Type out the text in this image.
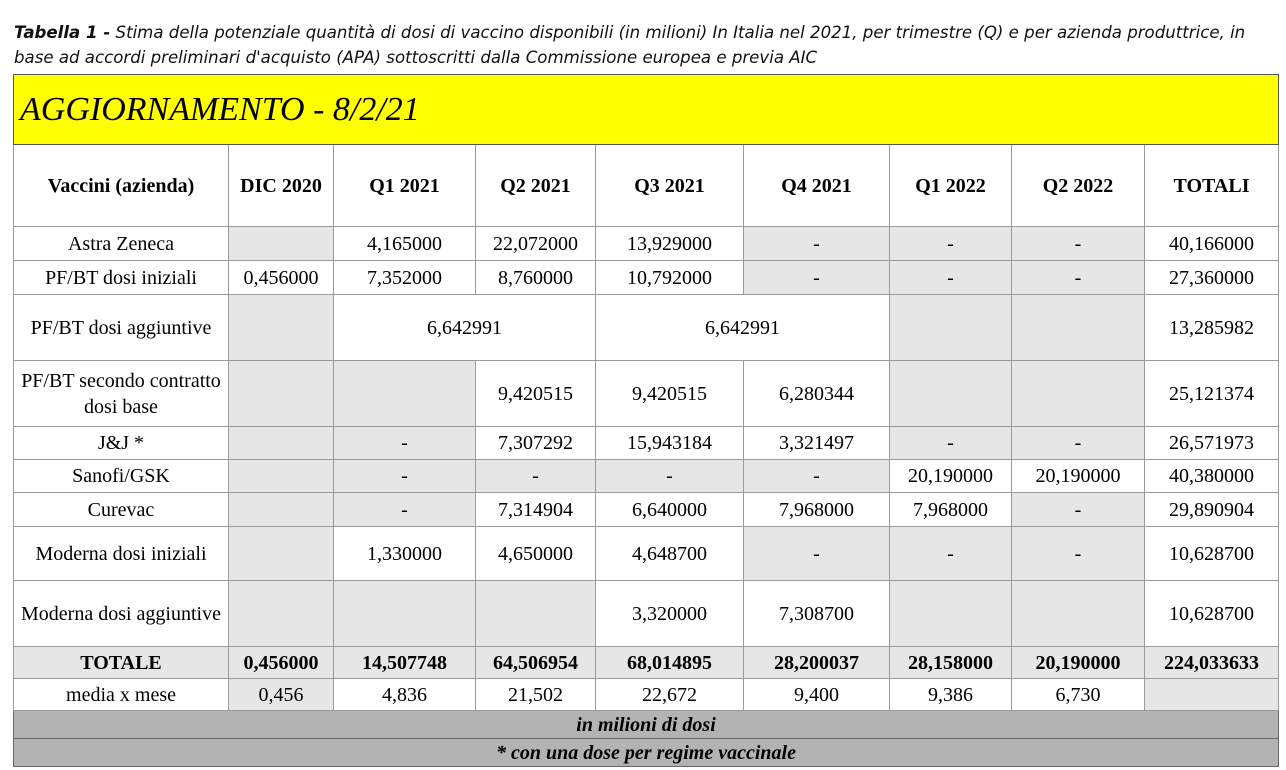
Tabella 1 - Stima della potenziale quantità di dosi di vaccino disponibili (in milioni) In Italia nel 2021, per trimestre (Q) e per azienda produttrice, in base ad accordi preliminari d'acquisto (APA) sottoscritti dalla Commissione europea e previa AIC
AGGIORNAMENTO - 8/2/21								
Vaccini (azienda)	DIC 2020	Q1 2021	Q2 2021	Q3 2021	Q4 2021	Q1 2022	Q2 2022	TOTALI
Astra Zeneca		4,165000	22,072000	13,929000	-	-	-	40,166000
PF/BT dosi iniziali	0,456000	7,352000	8,760000	10,792000	-	-	-	27,360000
PF/BT dosi aggiuntive		6,642991		6,642991				13,285982
PF/BT secondo contratto dosi base			9,420515	9,420515	6,280344			25,121374
J&J *		-	7,307292	15,943184	3,321497	-	-	26,571973
Sanofi/GSK		-	-	-	-	20,190000	20,190000	40,380000
Curevac		-	7,314904	6,640000	7,968000	7,968000	-	29,890904
Moderna dosi iniziali		1,330000	4,650000	4,648700	-	-	-	10,628700
Moderna dosi aggiuntive				3,320000	7,308700			10,628700
TOTALE	0,456000	14,507748	64,506954	68,014895	28,200037	28,158000	20,190000	224,033633
media x mese	0,456	4,836	21,502	22,672	9,400	9,386	6,730	
in milioni di dosi								
* con una dose per regime vaccinale								
